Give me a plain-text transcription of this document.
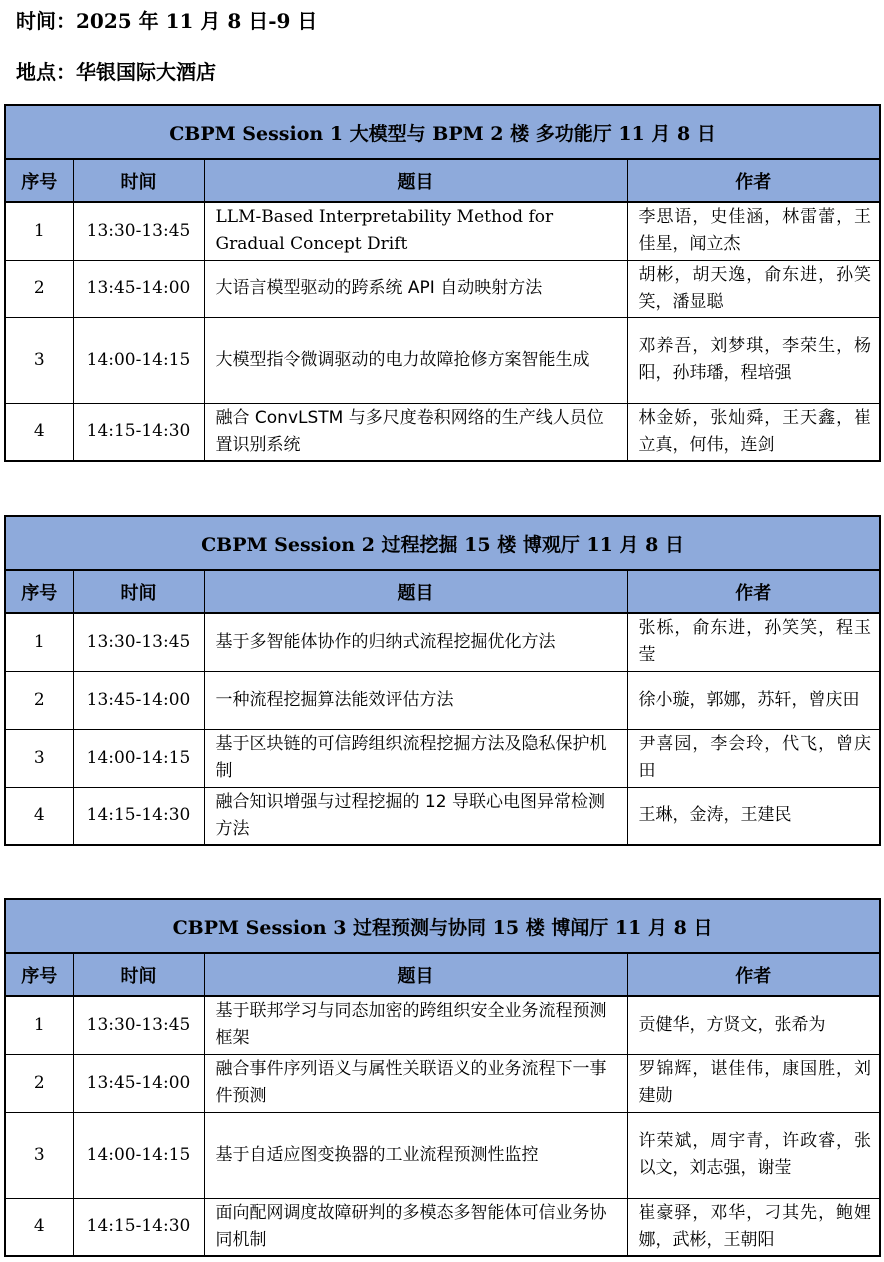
时间：2025 年 11 月 8 日-9 日
地点：华银国际大酒店
CBPM Session 1 大模型与 BPM 2 楼 多功能厅 11 月 8 日			
序号	时间	题目	作者
1	13:30-13:45	LLM-Based Interpretability Method for Gradual Concept Drift	李思语，史佳涵，林雷蕾，王佳星，闻立杰
2	13:45-14:00	大语言模型驱动的跨系统 API 自动映射方法	胡彬，胡天逸，俞东进，孙笑笑，潘显聪
3	14:00-14:15	大模型指令微调驱动的电力故障抢修方案智能生成	邓养吾，刘梦琪，李荣生，杨阳，孙玮璠，程培强
4	14:15-14:30	融合 ConvLSTM 与多尺度卷积网络的生产线人员位置识别系统	林金娇，张灿舜，王天鑫，崔立真，何伟，连剑
CBPM Session 2 过程挖掘 15 楼 博观厅 11 月 8 日			
序号	时间	题目	作者
1	13:30-13:45	基于多智能体协作的归纳式流程挖掘优化方法	张栎，俞东进，孙笑笑，程玉莹
2	13:45-14:00	一种流程挖掘算法能效评估方法	徐小璇，郭娜，苏轩，曾庆田
3	14:00-14:15	基于区块链的可信跨组织流程挖掘方法及隐私保护机制	尹喜园，李会玲，代飞，曾庆田
4	14:15-14:30	融合知识增强与过程挖掘的 12 导联心电图异常检测方法	王琳，金涛，王建民
CBPM Session 3 过程预测与协同 15 楼 博闻厅 11 月 8 日			
序号	时间	题目	作者
1	13:30-13:45	基于联邦学习与同态加密的跨组织安全业务流程预测框架	贡健华，方贤文，张希为
2	13:45-14:00	融合事件序列语义与属性关联语义的业务流程下一事件预测	罗锦辉，谌佳伟，康国胜，刘建勋
3	14:00-14:15	基于自适应图变换器的工业流程预测性监控	许荣斌，周宇青，许政睿，张以文，刘志强，谢莹
4	14:15-14:30	面向配网调度故障研判的多模态多智能体可信业务协同机制	崔豪驿，邓华，刁其先，鲍娌娜，武彬，王朝阳
